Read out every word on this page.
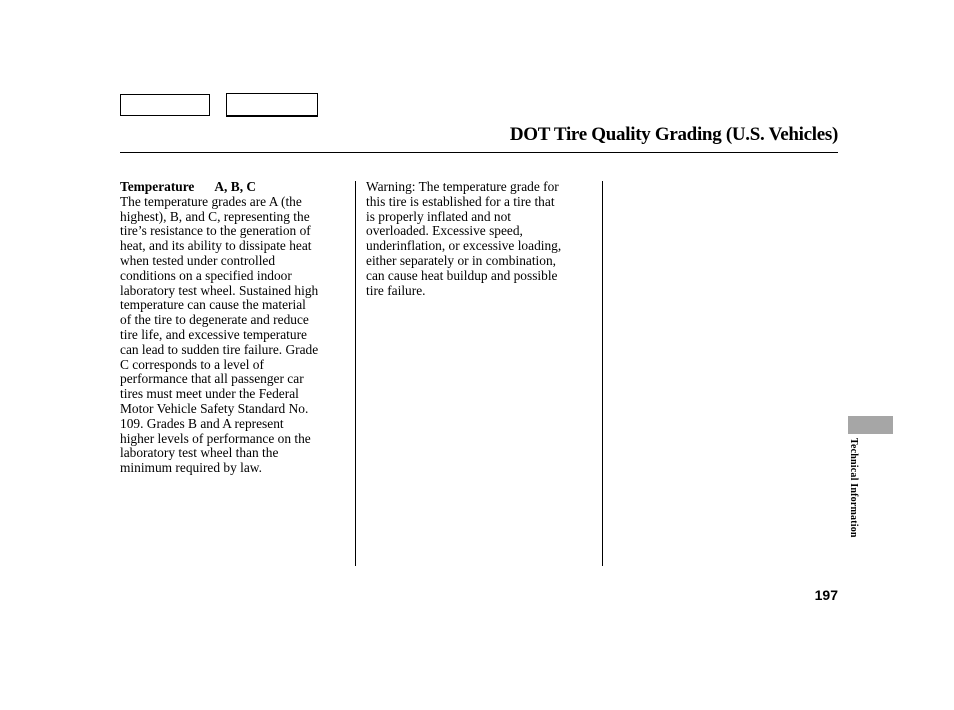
DOT Tire Quality Grading (U.S. Vehicles)
Temperature A, B, C
The temperature grades are A (the
highest), B, and C, representing the
tire’s resistance to the generation of
heat, and its ability to dissipate heat
when tested under controlled
conditions on a specified indoor
laboratory test wheel. Sustained high
temperature can cause the material
of the tire to degenerate and reduce
tire life, and excessive temperature
can lead to sudden tire failure. Grade
C corresponds to a level of
performance that all passenger car
tires must meet under the Federal
Motor Vehicle Safety Standard No.
109. Grades B and A represent
higher levels of performance on the
laboratory test wheel than the
minimum required by law.
Warning: The temperature grade for
this tire is established for a tire that
is properly inflated and not
overloaded. Excessive speed,
underinflation, or excessive loading,
either separately or in combination,
can cause heat buildup and possible
tire failure.
Technical Information
197
